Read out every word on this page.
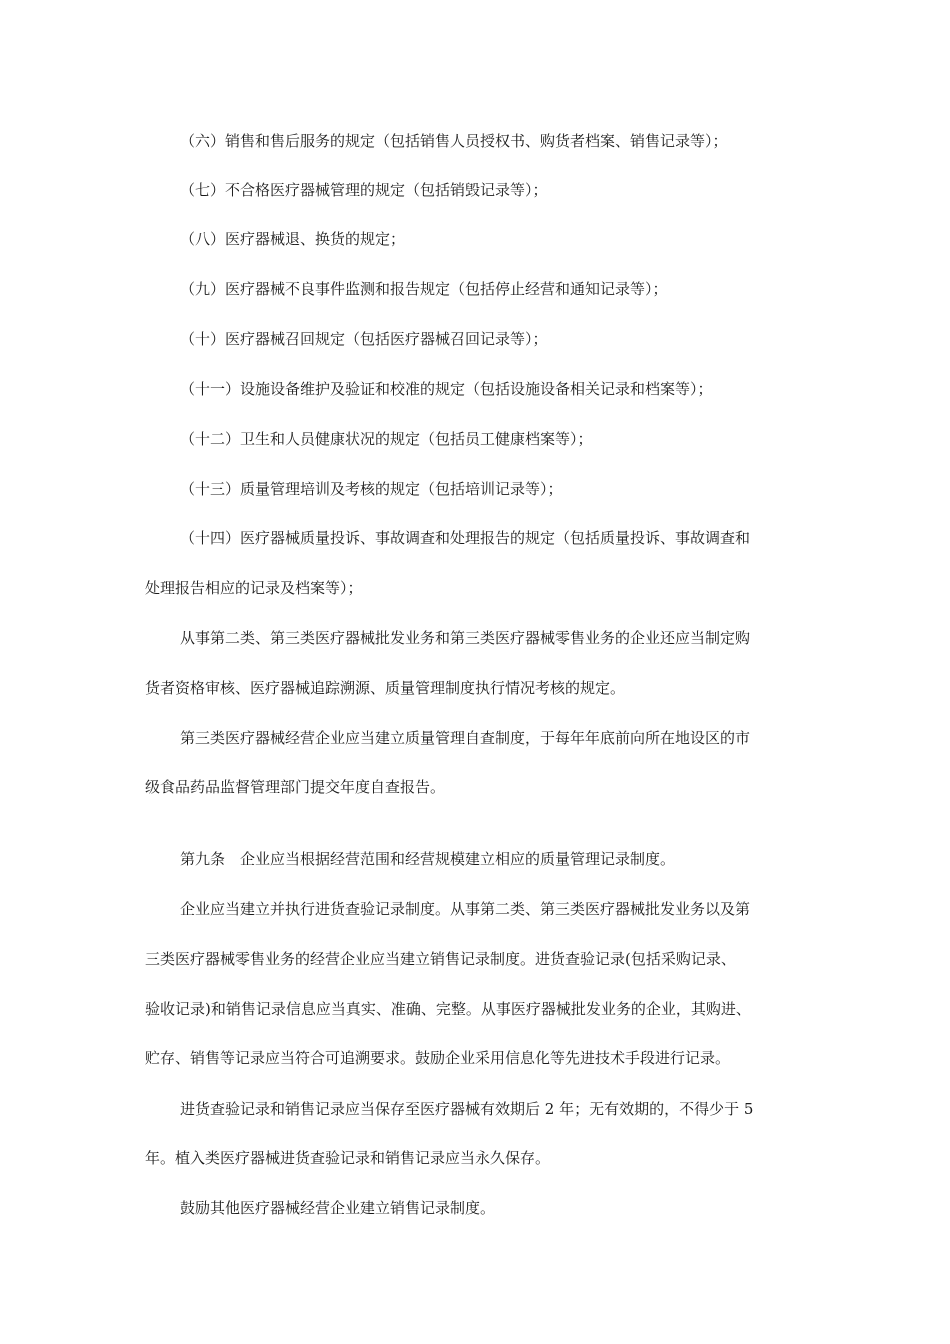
（六）销售和售后服务的规定（包括销售人员授权书、购货者档案、销售记录等）；
（七）不合格医疗器械管理的规定（包括销毁记录等）；
（八）医疗器械退、换货的规定；
（九）医疗器械不良事件监测和报告规定（包括停止经营和通知记录等）；
（十）医疗器械召回规定（包括医疗器械召回记录等）；
（十一）设施设备维护及验证和校准的规定（包括设施设备相关记录和档案等）；
（十二）卫生和人员健康状况的规定（包括员工健康档案等）；
（十三）质量管理培训及考核的规定（包括培训记录等）；
（十四）医疗器械质量投诉、事故调查和处理报告的规定（包括质量投诉、事故调查和
处理报告相应的记录及档案等）；
从事第二类、第三类医疗器械批发业务和第三类医疗器械零售业务的企业还应当制定购
货者资格审核、医疗器械追踪溯源、质量管理制度执行情况考核的规定。
第三类医疗器械经营企业应当建立质量管理自查制度，于每年年底前向所在地设区的市
级食品药品监督管理部门提交年度自查报告。
第九条　企业应当根据经营范围和经营规模建立相应的质量管理记录制度。
企业应当建立并执行进货查验记录制度。从事第二类、第三类医疗器械批发业务以及第
三类医疗器械零售业务的经营企业应当建立销售记录制度。进货查验记录(包括采购记录、
验收记录)和销售记录信息应当真实、准确、完整。从事医疗器械批发业务的企业，其购进、
贮存、销售等记录应当符合可追溯要求。鼓励企业采用信息化等先进技术手段进行记录。
进货查验记录和销售记录应当保存至医疗器械有效期后 2 年；无有效期的，不得少于 5
年。植入类医疗器械进货查验记录和销售记录应当永久保存。
鼓励其他医疗器械经营企业建立销售记录制度。
